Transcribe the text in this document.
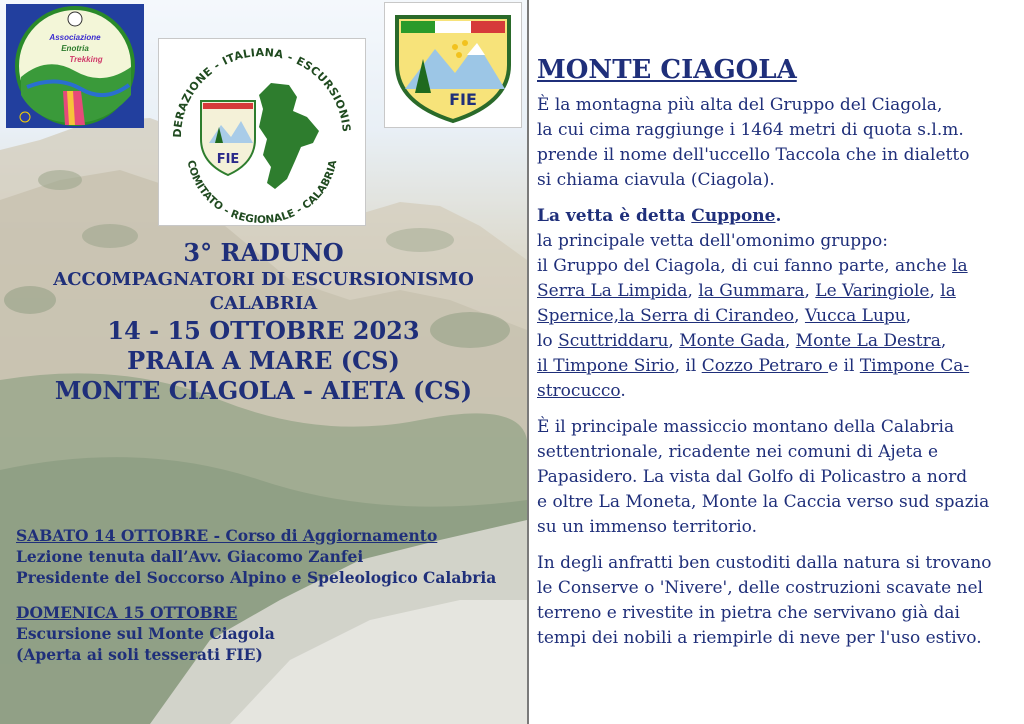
Associazione
Enotria
Trekking
DERAZIONE - ITALIANA - ESCURSIONIS
COMITATO - REGIONALE - CALABRIA
FIE
FIE
3° RADUNO
ACCOMPAGNATORI DI ESCURSIONISMO
CALABRIA
14 - 15 OTTOBRE 2023
PRAIA A MARE (CS)
MONTE CIAGOLA - AIETA (CS)
SABATO 14 OTTOBRE - Corso di Aggiornamento
Lezione tenuta dall’Avv. Giacomo Zanfei
Presidente del Soccorso Alpino e Speleologico Calabria
DOMENICA 15 OTTOBRE
Escursione sul Monte Ciagola
(Aperta ai soli tesserati FIE)
MONTE CIAGOLA
È la montagna più alta del Gruppo del Ciagola,
la cui cima raggiunge i 1464 metri di quota s.l.m.
prende il nome dell'uccello Taccola che in dialetto
si chiama ciavula (Ciagola).
La vetta è detta Cuppone.
la principale vetta dell'omonimo gruppo:
il Gruppo del Ciagola, di cui fanno parte, anche la
Serra La Limpida, la Gummara, Le Varingiole, la
Spernice,la Serra di Cirandeo, Vucca Lupu,
lo Scuttriddaru, Monte Gada, Monte La Destra,
il Timpone Sirio, il Cozzo Petraro e il Timpone Ca-
strocucco.
È il principale massiccio montano della Calabria
settentrionale, ricadente nei comuni di Ajeta e
Papasidero. La vista dal Golfo di Policastro a nord
e oltre La Moneta, Monte la Caccia verso sud spazia
su un immenso territorio.
In degli anfratti ben custoditi dalla natura si trovano
le Conserve o 'Nivere', delle costruzioni scavate nel
terreno e rivestite in pietra che servivano già dai
tempi dei nobili a riempirle di neve per l'uso estivo.
